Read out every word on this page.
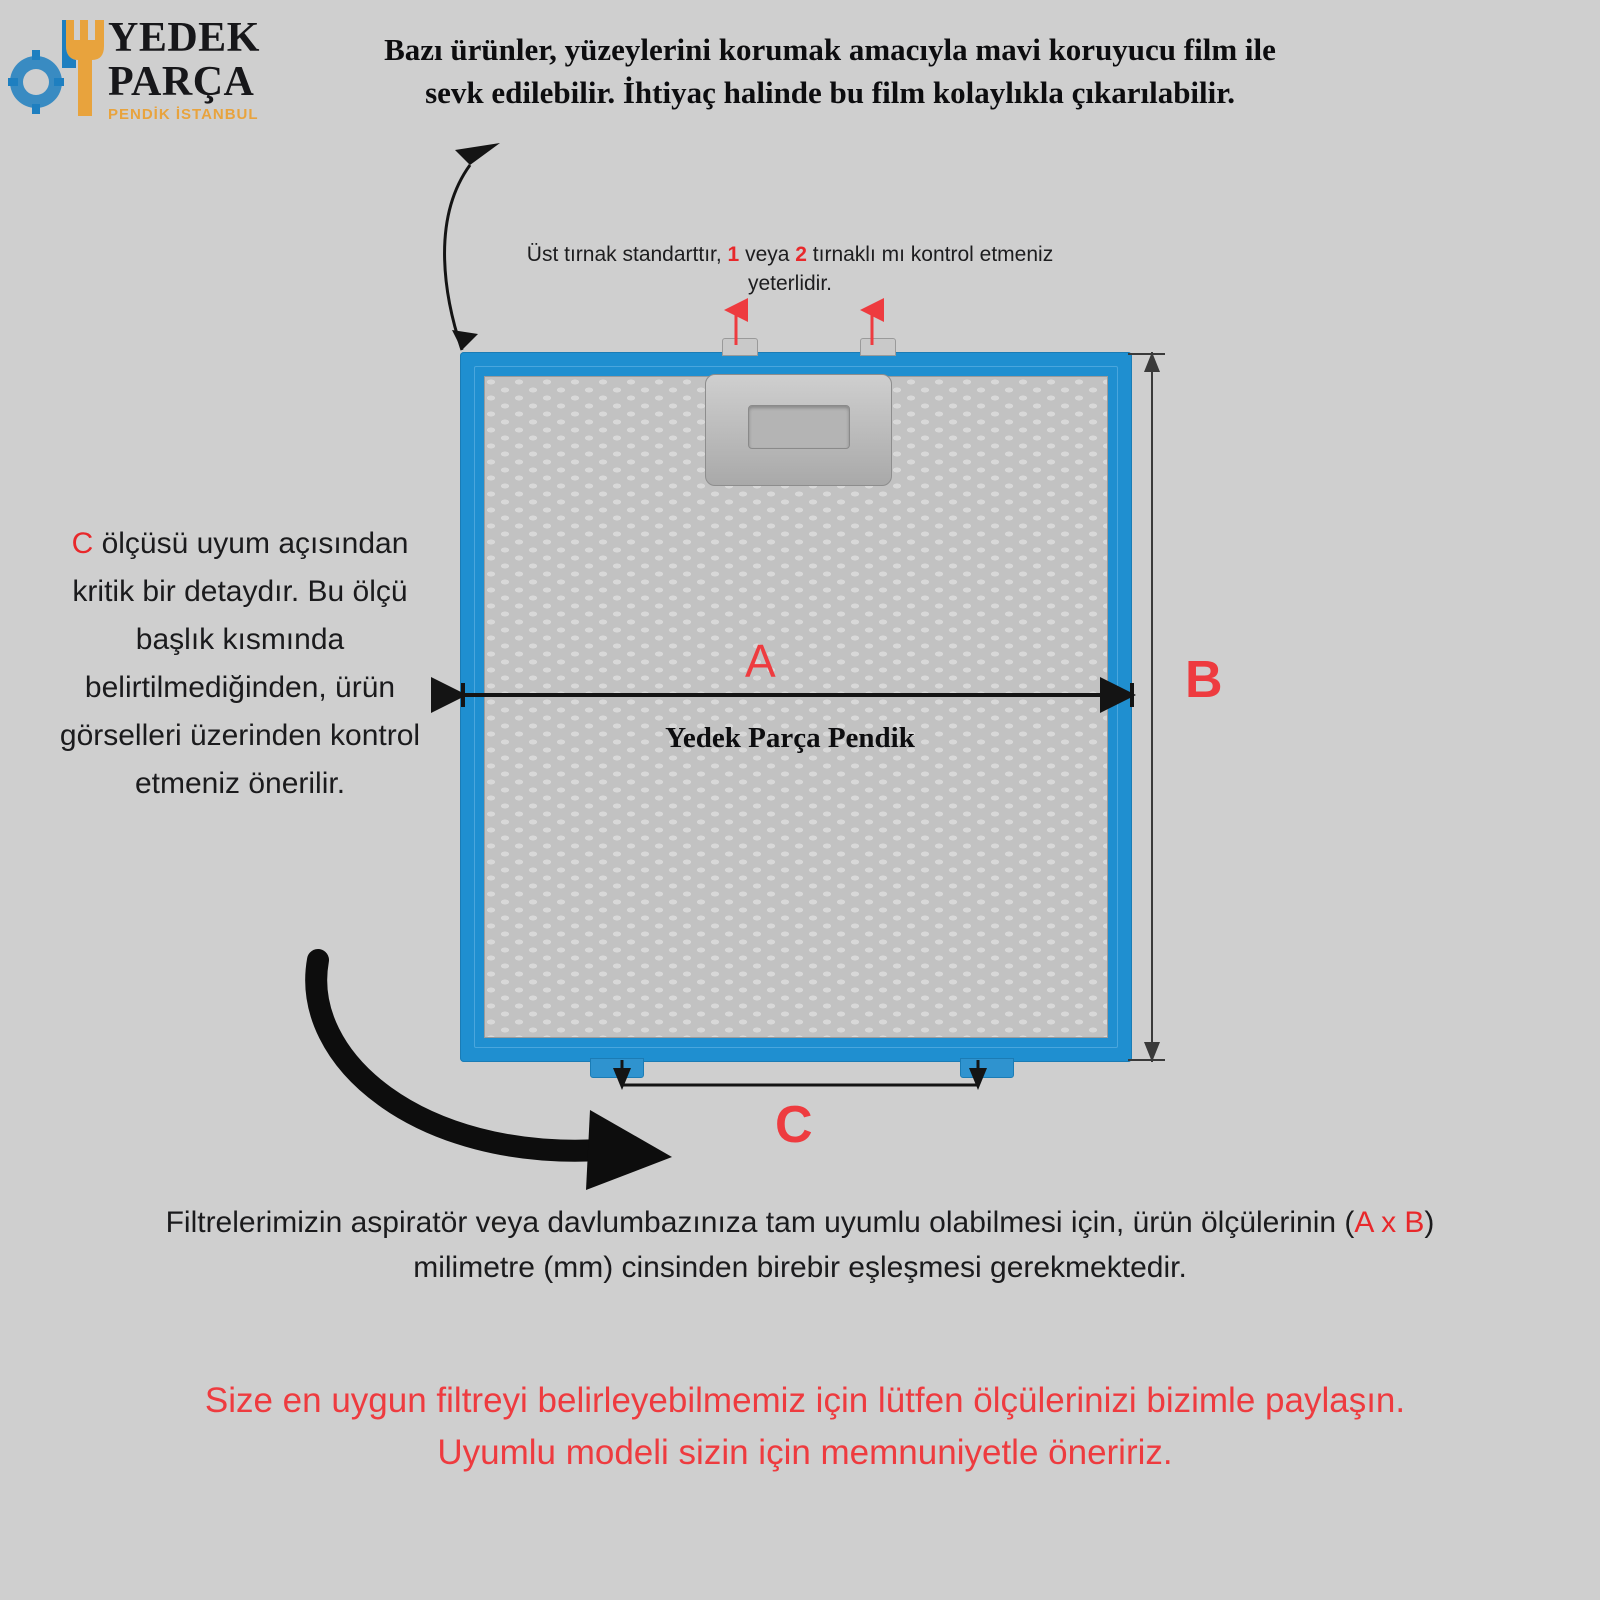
YEDEK
PARÇA
PENDİK İSTANBUL
Bazı ürünler, yüzeylerini korumak amacıyla mavi koruyucu film ile sevk edilebilir. İhtiyaç halinde bu film kolaylıkla çıkarılabilir.
Üst tırnak standarttır, 1 veya 2 tırnaklı mı kontrol etmeniz yeterlidir.
C ölçüsü uyum açısından kritik bir detaydır. Bu ölçü başlık kısmında belirtilmediğinden, ürün görselleri üzerinden kontrol etmeniz önerilir.
A	B
C
Yedek Parça Pendik
Filtrelerimizin aspiratör veya davlumbazınıza tam uyumlu olabilmesi için, ürün ölçülerinin (A x B) milimetre (mm) cinsinden birebir eşleşmesi gerekmektedir.
Size en uygun filtreyi belirleyebilmemiz için lütfen ölçülerinizi bizimle paylaşın. Uyumlu modeli sizin için memnuniyetle öneririz.
